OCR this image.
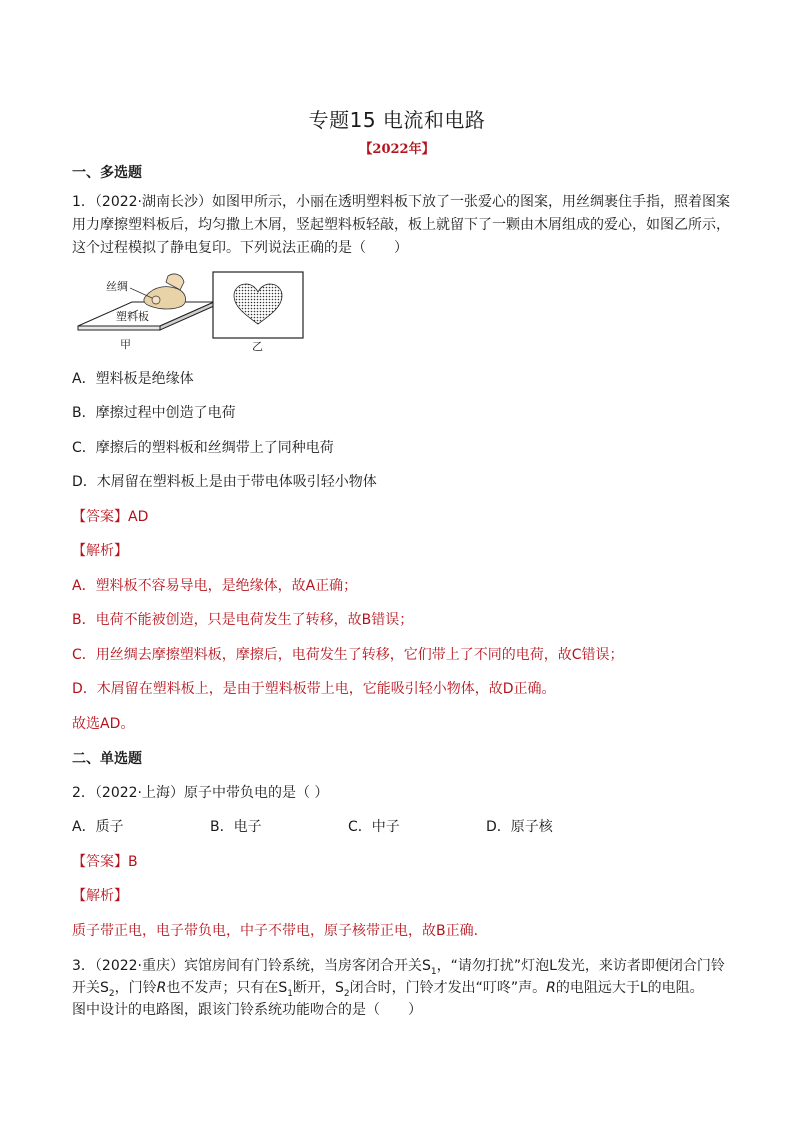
专题15 电流和电路
【2022年】
一、多选题
1．（2022·湖南长沙）如图甲所示，小丽在透明塑料板下放了一张爱心的图案，用丝绸裹住手指，照着图案
用力摩擦塑料板后，均匀撒上木屑，竖起塑料板轻敲，板上就留下了一颗由木屑组成的爱心，如图乙所示，
这个过程模拟了静电复印。下列说法正确的是（　　）
丝绸
塑料板
甲	乙
A．塑料板是绝缘体
B．摩擦过程中创造了电荷
C．摩擦后的塑料板和丝绸带上了同种电荷
D．木屑留在塑料板上是由于带电体吸引轻小物体
【答案】AD
【解析】
A．塑料板不容易导电，是绝缘体，故A正确；
B．电荷不能被创造，只是电荷发生了转移，故B错误；
C．用丝绸去摩擦塑料板，摩擦后，电荷发生了转移，它们带上了不同的电荷，故C错误；
D．木屑留在塑料板上，是由于塑料板带上电，它能吸引轻小物体，故D正确。
故选AD。
二、单选题
2．（2022·上海）原子中带负电的是（ ）
A．质子	B．电子	C．中子	D．原子核
【答案】B
【解析】
质子带正电，电子带负电，中子不带电，原子核带正电，故B正确.
3．（2022·重庆）宾馆房间有门铃系统，当房客闭合开关$S_1$，“请勿打扰”灯泡L发光，来访者即便闭合门铃
开关$S_2$，门铃R也不发声；只有在$S_1$断开，$S_2$闭合时，门铃才发出“叮咚”声。R的电阻远大于L的电阻。
图中设计的电路图，跟该门铃系统功能吻合的是（　　）
